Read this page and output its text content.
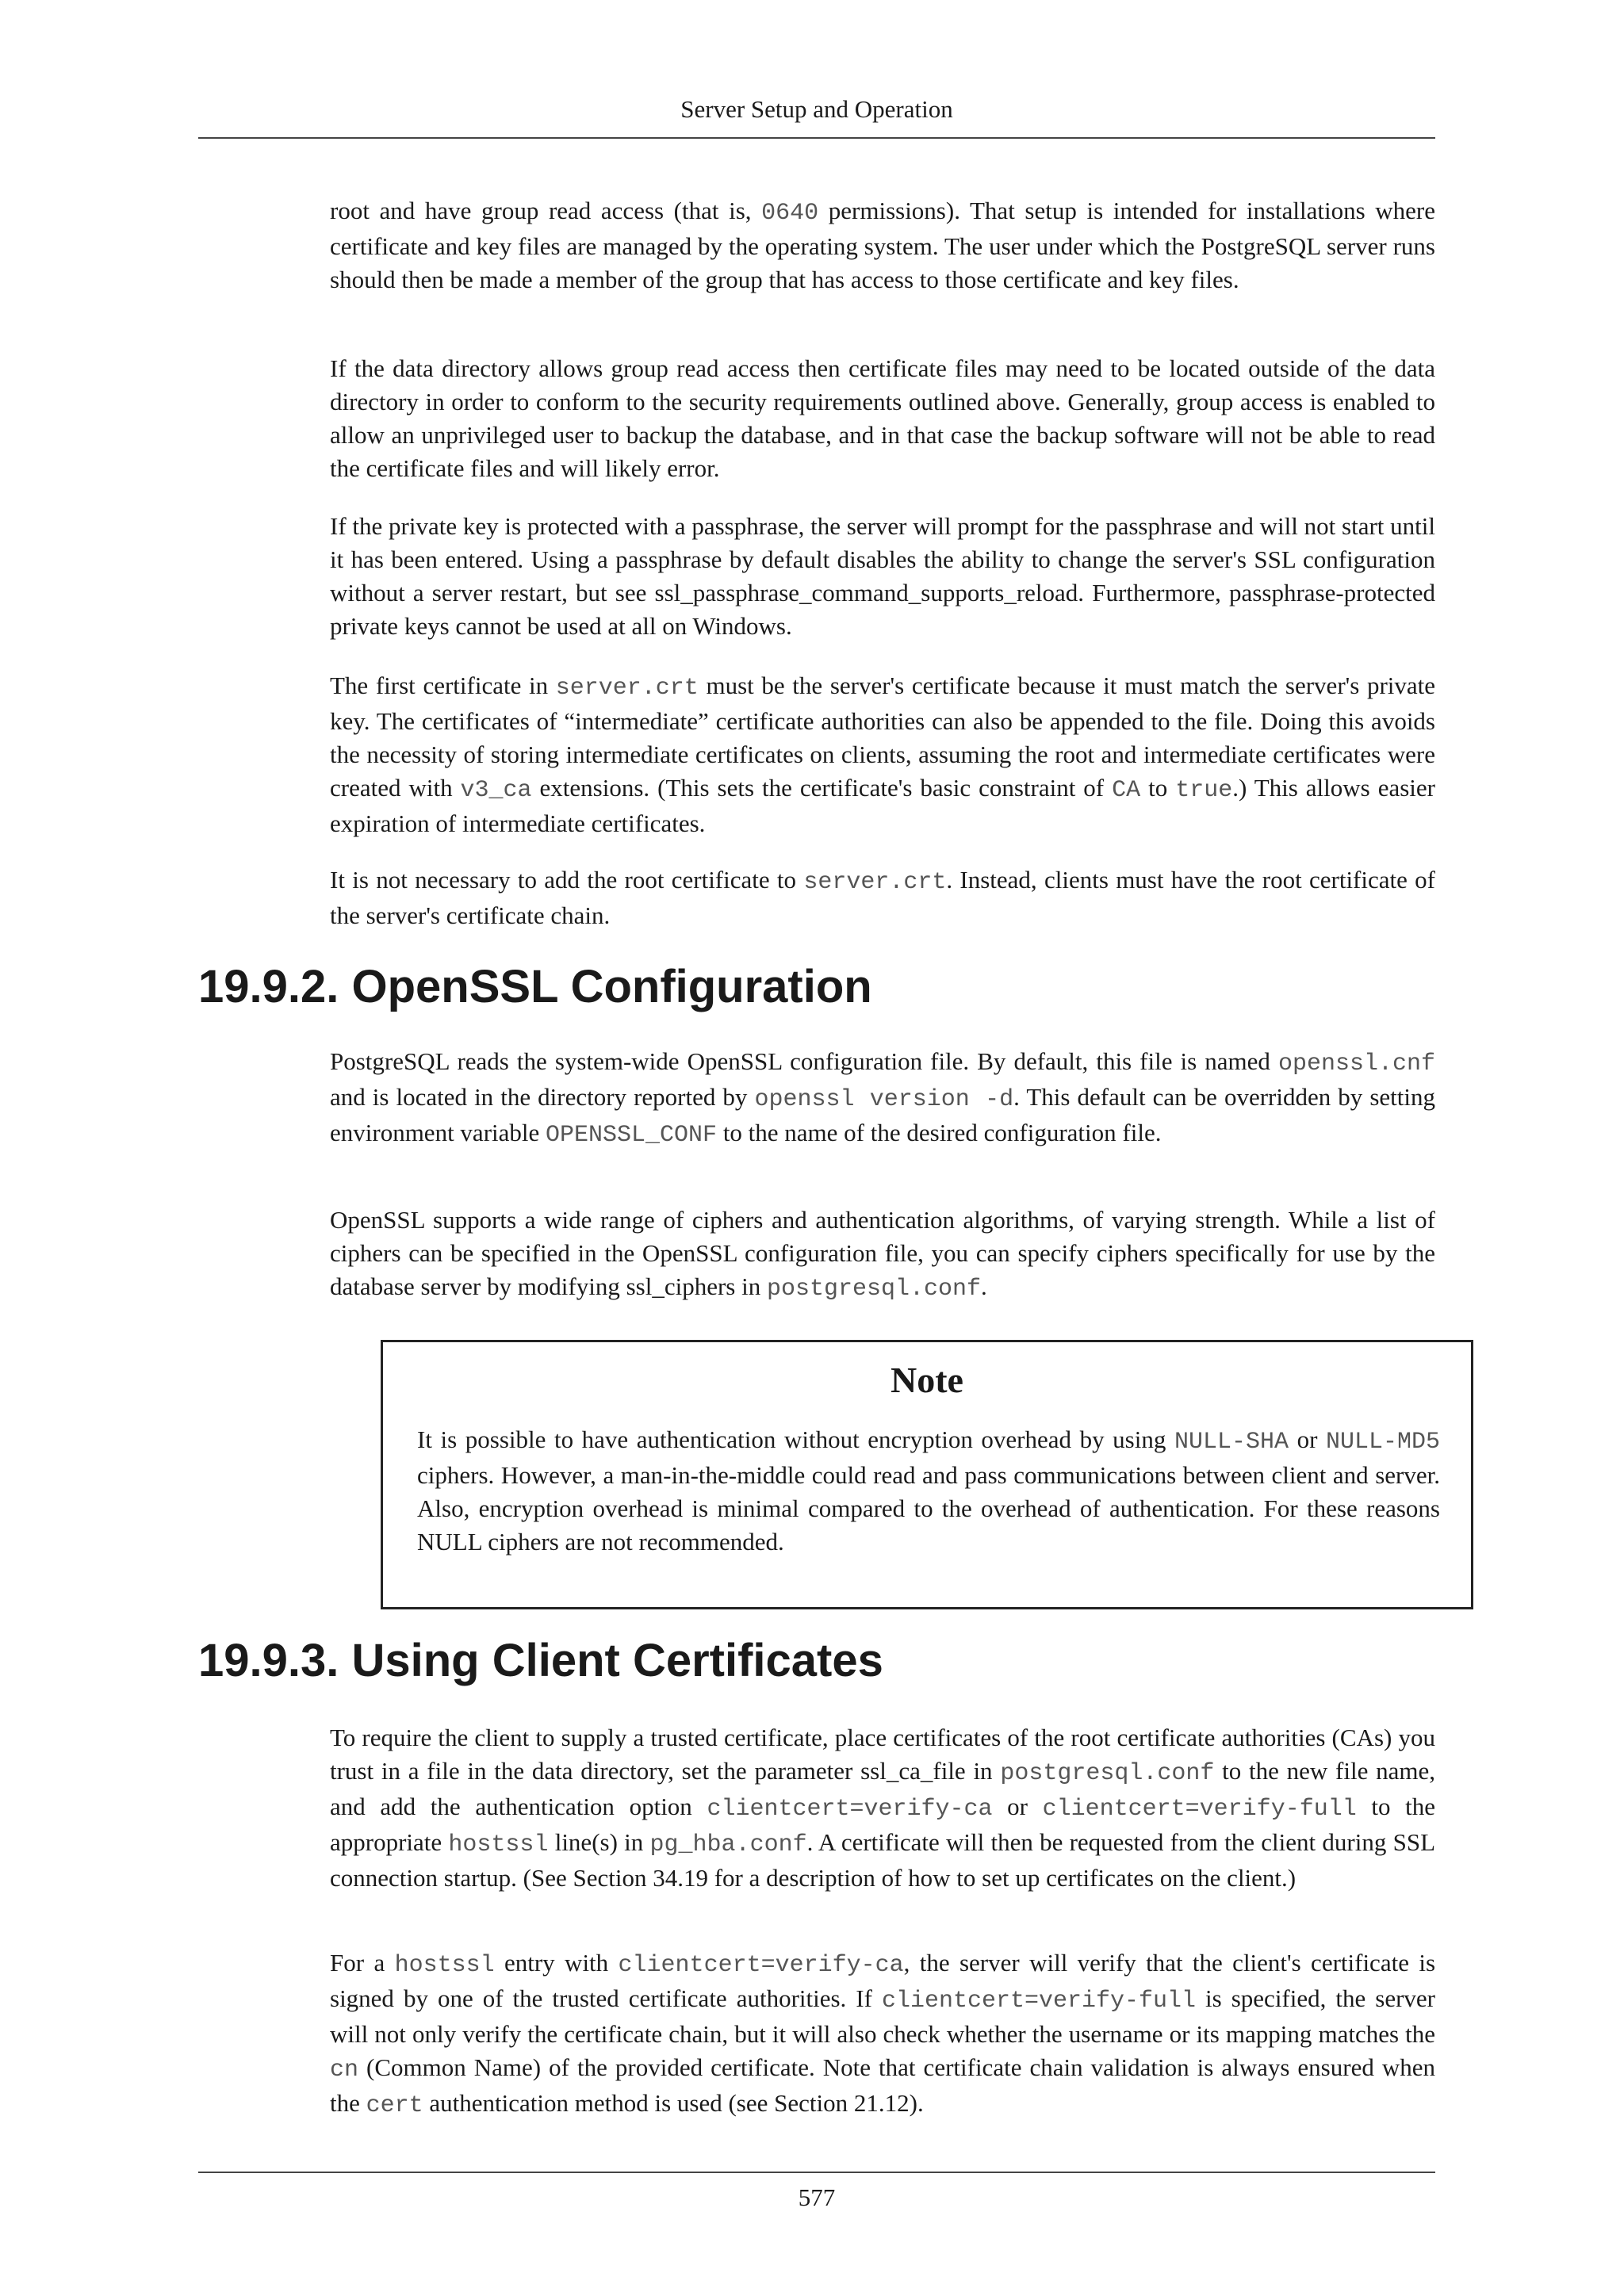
Server Setup and Operation

root and have group read access (that is, 0640 permissions). That setup is intended for installations where certificate and key files are managed by the operating system. The user under which the PostgreSQL server runs should then be made a member of the group that has access to those certificate and key files.

If the data directory allows group read access then certificate files may need to be located outside of the data directory in order to conform to the security requirements outlined above. Generally, group access is enabled to allow an unprivileged user to backup the database, and in that case the backup software will not be able to read the certificate files and will likely error.

If the private key is protected with a passphrase, the server will prompt for the passphrase and will not start until it has been entered. Using a passphrase by default disables the ability to change the server's SSL configuration without a server restart, but see ssl_passphrase_command_supports_reload. Furthermore, passphrase-protected private keys cannot be used at all on Windows.

The first certificate in server.crt must be the server's certificate because it must match the server's private key. The certificates of “intermediate” certificate authorities can also be appended to the file. Doing this avoids the necessity of storing intermediate certificates on clients, assuming the root and intermediate certificates were created with v3_ca extensions. (This sets the certificate's basic constraint of CA to true.) This allows easier expiration of intermediate certificates.

It is not necessary to add the root certificate to server.crt. Instead, clients must have the root certificate of the server's certificate chain.

19.9.2. OpenSSL Configuration

PostgreSQL reads the system-wide OpenSSL configuration file. By default, this file is named openssl.cnf and is located in the directory reported by openssl version -d. This default can be overridden by setting environment variable OPENSSL_CONF to the name of the desired configuration file.

OpenSSL supports a wide range of ciphers and authentication algorithms, of varying strength. While a list of ciphers can be specified in the OpenSSL configuration file, you can specify ciphers specifically for use by the database server by modifying ssl_ciphers in postgresql.conf.

Note

It is possible to have authentication without encryption overhead by using NULL-SHA or NULL-MD5 ciphers. However, a man-in-the-middle could read and pass communications between client and server. Also, encryption overhead is minimal compared to the overhead of authentication. For these reasons NULL ciphers are not recommended.

19.9.3. Using Client Certificates

To require the client to supply a trusted certificate, place certificates of the root certificate authorities (CAs) you trust in a file in the data directory, set the parameter ssl_ca_file in postgresql.conf to the new file name, and add the authentication option clientcert=verify-ca or clientcert=verify-full to the appropriate hostssl line(s) in pg_hba.conf. A certificate will then be requested from the client during SSL connection startup. (See Section 34.19 for a description of how to set up certificates on the client.)

For a hostssl entry with clientcert=verify-ca, the server will verify that the client's certificate is signed by one of the trusted certificate authorities. If clientcert=verify-full is specified, the server will not only verify the certificate chain, but it will also check whether the username or its mapping matches the cn (Common Name) of the provided certificate. Note that certificate chain validation is always ensured when the cert authentication method is used (see Section 21.12).

577
